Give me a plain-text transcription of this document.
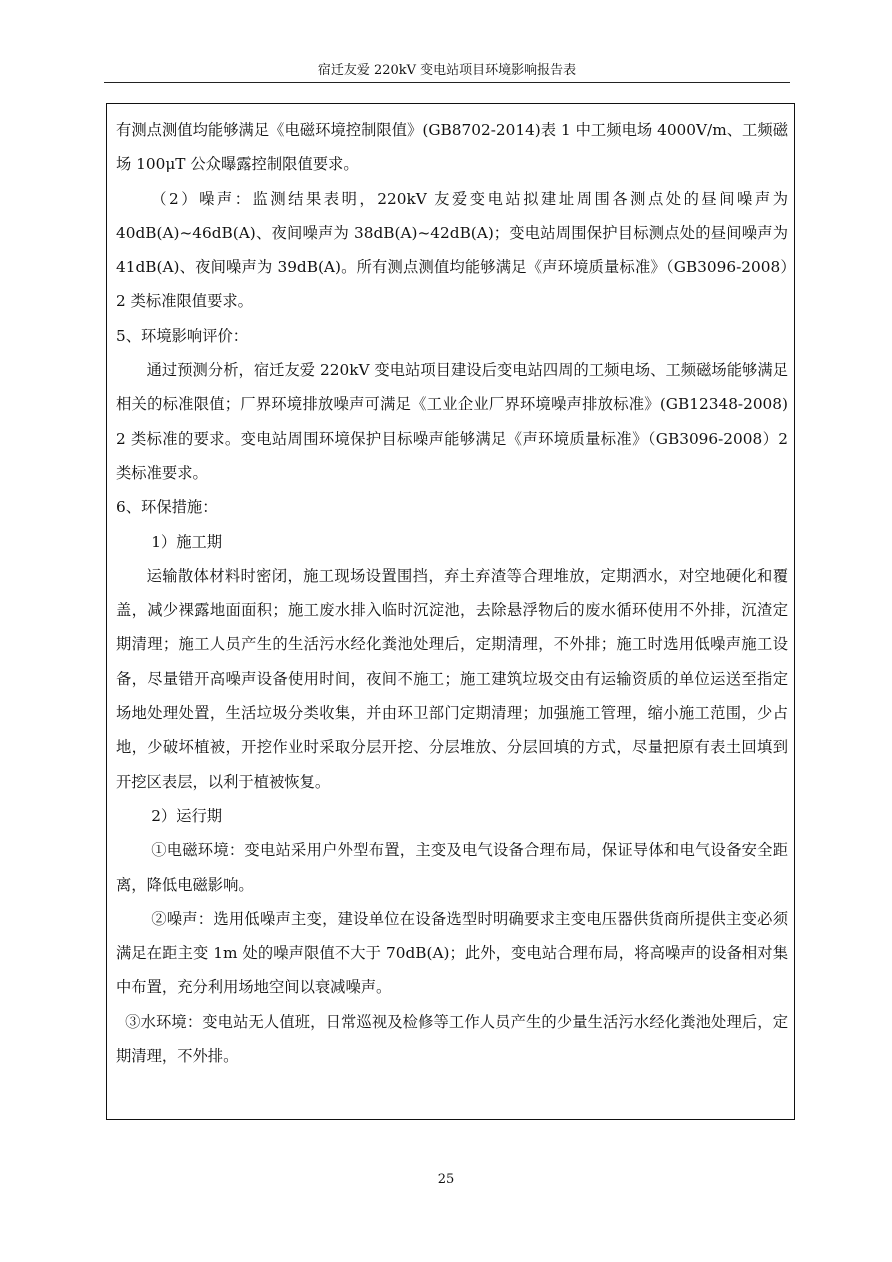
宿迁友爱 220kV 变电站项目环境影响报告表

有测点测值均能够满足《电磁环境控制限值》(GB8702-2014)表 1 中工频电场 4000V/m、工频磁场 100μT 公众曝露控制限值要求。

（2）噪声：监测结果表明，220kV 友爱变电站拟建址周围各测点处的昼间噪声为 40dB(A)~46dB(A)、夜间噪声为 38dB(A)~42dB(A)；变电站周围保护目标测点处的昼间噪声为 41dB(A)、夜间噪声为 39dB(A)。所有测点测值均能够满足《声环境质量标准》（GB3096-2008）2 类标准限值要求。

5、环境影响评价：

通过预测分析，宿迁友爱 220kV 变电站项目建设后变电站四周的工频电场、工频磁场能够满足相关的标准限值；厂界环境排放噪声可满足《工业企业厂界环境噪声排放标准》(GB12348-2008) 2 类标准的要求。变电站周围环境保护目标噪声能够满足《声环境质量标准》（GB3096-2008）2 类标准要求。

6、环保措施：

1）施工期

运输散体材料时密闭，施工现场设置围挡，弃土弃渣等合理堆放，定期洒水，对空地硬化和覆盖，减少裸露地面面积；施工废水排入临时沉淀池，去除悬浮物后的废水循环使用不外排，沉渣定期清理；施工人员产生的生活污水经化粪池处理后，定期清理，不外排；施工时选用低噪声施工设备，尽量错开高噪声设备使用时间，夜间不施工；施工建筑垃圾交由有运输资质的单位运送至指定场地处理处置，生活垃圾分类收集，并由环卫部门定期清理；加强施工管理，缩小施工范围，少占地，少破坏植被，开挖作业时采取分层开挖、分层堆放、分层回填的方式，尽量把原有表土回填到开挖区表层，以利于植被恢复。

2）运行期

①电磁环境：变电站采用户外型布置，主变及电气设备合理布局，保证导体和电气设备安全距离，降低电磁影响。

②噪声：选用低噪声主变，建设单位在设备选型时明确要求主变电压器供货商所提供主变必须满足在距主变 1m 处的噪声限值不大于 70dB(A)；此外，变电站合理布局，将高噪声的设备相对集中布置，充分利用场地空间以衰减噪声。

③水环境：变电站无人值班，日常巡视及检修等工作人员产生的少量生活污水经化粪池处理后，定期清理，不外排。

25
